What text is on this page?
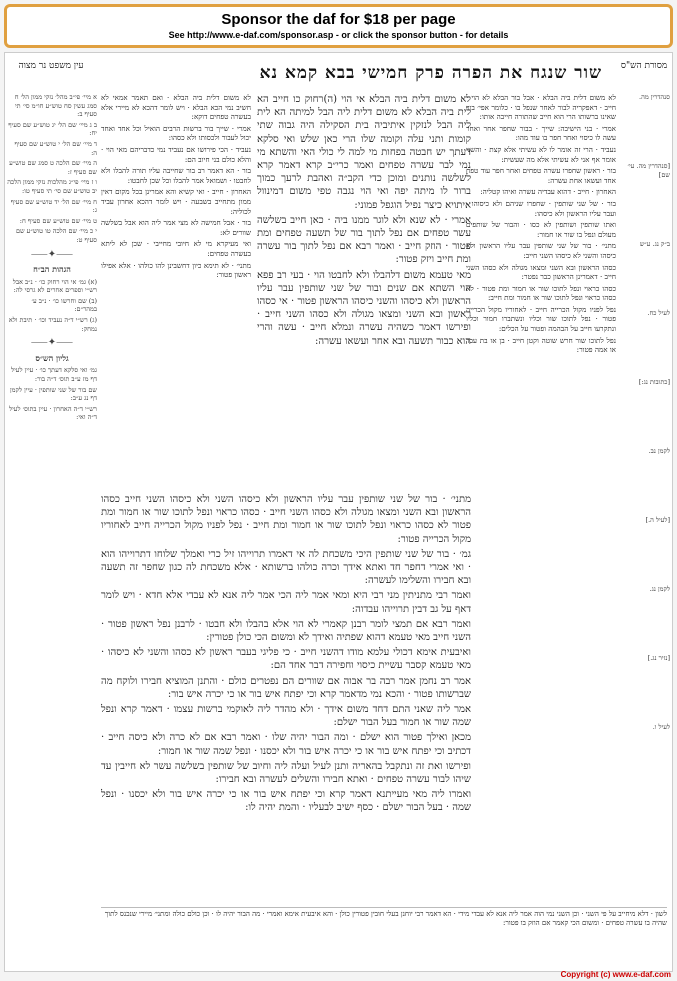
Sponsor the daf for $18 per page
See http://www.e-daf.com/sponsor.asp - or click the sponsor button - for details
מסורת הש"ס
שור שנגח את הפרה פרק חמישי בבא קמא נא
עין משפט נר מצוה
סנהדרין מה.
[סנהדרין מה. עי׳ שם]
ב״ק נג. ע״ש
לעיל כח.
[כתובות נג:]
לקמן נב.
[לעיל ה.]
לקמן נג.
[נזיר נג.]
לעיל ו.
לא משום דלית ביה הבלא · אבל בור הבלא לא הוי · חייב · דאפקריה לבור לאחר שנפל בו · כלומר אפי׳ בור שאינו ברשותו הרי הוא חייב שהתורה חייבה אותו:
אמרי · בני הישיבה: שייך · בבור שחפר אחר ואחר עשה לו כיסוי ואחר חפר בו עוד מהו:
נעביד · הרי זה אומר לו לא עשיתי אלא קצת · והשני אומר אף אני לא עשיתי אלא מה שעשית:
בור · ראשון שחפרו עשרה טפחים ואחר חפר עוד טפח אחד ועשאו אחת עשרה:
האחרון · חייב · דהוא עבדיה עשרה ואיהו קטליה:
בור · של שני שותפין · שחפרו שניהם ולא כיסוהו · ועבר עליו הראשון ולא כיסהו:
ואתו שותפין ושותפין לא כסו · והבור של שותפים מעולם ונפל בו שור או חמור:
מתני׳ · בור של שני שותפין עבר עליו הראשון ולא כיסהו והשני לא כיסהו השני חייב:
כסהו הראשון ובא השני ומצאו מגולה ולא כסהו השני חייב · דאמרינן הראשון כבר נפטר:
כסהו כראוי ונפל לתוכו שור או חמור ומת פטור · לא כסהו כראוי ונפל לתוכו שור או חמור ומת חייב:
נפל לפניו מקול הכרייה חייב · לאחוריו מקול הכרייה פטור · נפל לתוכו שור וכליו ונשתברו חמור וכליו ונתקרעו חייב על הבהמה ופטור על הכלים:
נפל לתוכו שור חרש שוטה וקטן חייב · בן או בת עבד או אמה פטור:
לא משום דלית ביה הבלא אי הוי (ה)רחוק כו חייב הא לית ביה הבלא לא משום דלית ליה הבל למיתה הא לית ליה הבל לנזקין איתיביה בית הסקילה היה גבוה שתי קומות ותני עלה וקומה שלו הרי כאן שלש ואי סלקא דעתך יש חבטה בפחות מי למה לי כולי האי והשתא מי נמי לבר עשרה טפחים ואמר כרי״ב קרא דאמר קרא לשלשה נותנים ומוכן כדי הקב״ה ואהבת לרעך כמוך ברור לו מיתה יפה ואי הוי נגבה טפי משום דמינוול איתויא כיצר נפיל הוגפל פמוני:
אמרי · לא שנא ולא לוגר ממנו ביה · כאן חייב בשלשה עשר טפחים אם נפל לתוך בור של תשעה טפחים ומת פטור · הוזק חייב · ואמר רבא אם נפל לתוך בור עשרה ומת חייב ויזק פטור:
מאי טעמא משום דלהבלו ולא לחבטו הוי · בעי רב פפא הוי השתא אם שנים ובור של שני שותפין עבר עליו הראשון ולא כיסהו והשני כיסהו הראשון פטור · אי כסהו ראשון ובא השני ומצאו מגולה ולא כסהו השני חייב · ופירשו דאמר כשהיה עשרה ונמלא חייב · עשה והרי הוא כבור תשעה ובא אחר ועשאו עשרה:
מתני׳ · בור של שני שותפין עבר עליו הראשון ולא כיסהו השני ולא כיסהו השני חייב כסהו הראשון ובא השני ומצאו מגולה ולא כסהו השני חייב · כסהו כראוי ונפל לתוכו שור או חמור ומת פטור לא כסהו כראוי ונפל לתוכו שור או חמור ומת חייב · נפל לפניו מקול הכרייה חייב לאחוריו מקול הכרייה פטור:
גמ׳ · בור של שני שותפין היכי משכחת לה אי דאמרו תרוייהו זיל כרי ואמלך שלוחו דתרוייהו הוא · ואי אמרי דחפר חד ואתא אידך וכרה כולהו ברשותא · אלא משכחת לה כגון שחפר זה תשעה ובא חבירו והשלימו לעשרה:
ואמר רבי מתניתין מני רבי היא ומאי אמר ליה הכי אמר ליה אנא לא עבדי אלא חדא · ויש לומר דאף על גב דבין תרוייהו עבדוה:
ואמר רבא אם תמצי לומר רבנן קאמרי לא הוי אלא בהבלו ולא חבטו · לרבנן נפל ראשון פטור · השני חייב מאי טעמא דהוא שפתיה ואידך לא ומשום הכי כולן פטורין:
ואיבעית אימא דכולי עלמא מודו דהשני חייב · כי פליגי בעבר ראשון לא כסהו והשני לא כיסהו · מאי טעמא קסבר עשיית כיסוי וחפירה דבר אחד הם:
אמר רב נחמן אמר רבה בר אבוה אם שוורים הם נפטרים כולם · והתנן המוציא חבירו ולוקח מה שברשותו פטור · והכא נמי מדאמר קרא וכי יפתח איש בור או כי יכרה איש בור:
אמר ליה שאני התם דחד משום אידך · ולא מהדר ליה לאוקמי ברשות עצמו · דאמר קרא ונפל שמה שור או חמור בעל הבור ישלם:
מכאן ואילך פטור הוא ישלם · ומה הבור יהיה שלו · ואמר רבא אם לא כרה ולא כיסה חייב · דכתיב וכי יפתח איש בור או כי יכרה איש בור ולא יכסנו · ונפל שמה שור או חמור:
ופירשו ואת זה ונתקבל בהאריה ותנן לעיל ועלה ליה וחיוב של שותפין בשלשה עשר לא חייבין עד שיהו לבור עשרה טפחים · ואתא חבירו והשלים לעשרה ובא חבירו:
ואמרו ליה מאי מעייתנא דאמר קרא וכי יפתח איש בור או כי יכרה איש בור ולא יכסנו · ונפל שמה · בעל הבור ישלם · כסף ישיב לבעליו · והמת יהיה לו:
לא משום דלית ביה הבלא · ואם תאמר אמאי לא חשיב נמי הכא הבלא · ויש לומר דהכא לא מיירי אלא בעשרה טפחים דוקא:
אמרי · שייך בור ברשות הרבים הואיל וכל אחד ואחד יכול לעבור ולכסותו ולא כסהו:
נעביד · הכי פירושו אם נעביד נמי כדבריהם מאי הוי · והלא כולם בני חיוב הם:
בור · הא דאמר רב בור שחייבה עליו תורה להבלו ולא לחבטו · ושמואל אמר להבלו וכל שכן לחבטו:
האחרון · חייב · ואי קשיא והא אמרינן בכל מקום דאין ממון מתחייב בשבעה · ויש לומר דהכא אחרון עביד לכוליה:
בור · אבל חמישה לא מצי אמר ליה הוא אבל בשלשה שוורים לא:
ואי מעיקרא מי לא חיובי מחייבי · שכן לא ליתא בעשרה טפחים:
מתני׳ · לא תימא כיון דחשבינן להו כולהו · אלא אפילו ראשון פטור:
א מיי׳ פי״ב מהל׳ נזקי ממון הל׳ ח סמג עשין סח טוש״ע חו״מ סי׳ תי סעיף ב:
ב ג מיי׳ שם הל׳ יג טוש״ע שם סעיף יח:
ד מיי׳ שם הל׳ י טוש״ע שם סעיף ה:
ה מיי׳ שם הלכה ט סמג שם טוש״ע שם סעיף ז:
ו ז מיי׳ פי״ג מהלכות נזקי ממון הלכה יב טוש״ע שם סי׳ תי סעיף טו:
ח מיי׳ שם הל׳ יד טוש״ע שם סעיף ג:
ט מיי׳ שם טוש״ע שם סעיף ח:
י כ מיי׳ שם הלכה טו טוש״ע שם סעיף ט:
⸺✦⸺
הגהות הב״ח
(א) גמ׳ אי הוי רחוק כו׳ · נ״ב אבל רש״י וספרים אחרים לא גרסי לה:
(ב) שם וחרשו כו׳ · נ״ב ע׳ במהר״ם:
(ג) רש״י ד״ה נעביד וכו׳ · תיבת ולא נמחק:
⸺✦⸺
גליון הש״ס
גמ׳ ואי סלקא דעתך כו׳ · עיין לעיל דף מז ע״ב תוס׳ ד״ה בור:
שם בור של שני שותפין · עיין לקמן דף נג ע״ב:
רש״י ד״ה האחרון · עיין בתוס׳ לעיל ד״ה ואי:
לשון · דלא מיחייב על פי השני · וכן השני נמי הוה אמר ליה אנא לא עבדי מידי · הא דאמר רבי יוחנן בעלי חובין פטורין כולן · והא איבעית אימא ואמרי · מה הבור יהיה לו · וכן כולם כולה ומתני׳ מיירי שנכנס לתוך שהיה בו עשרה טפחים · ומשום הכי קאמר אם הוזק בו פטור:
Copyright (c) www.e-daf.com
